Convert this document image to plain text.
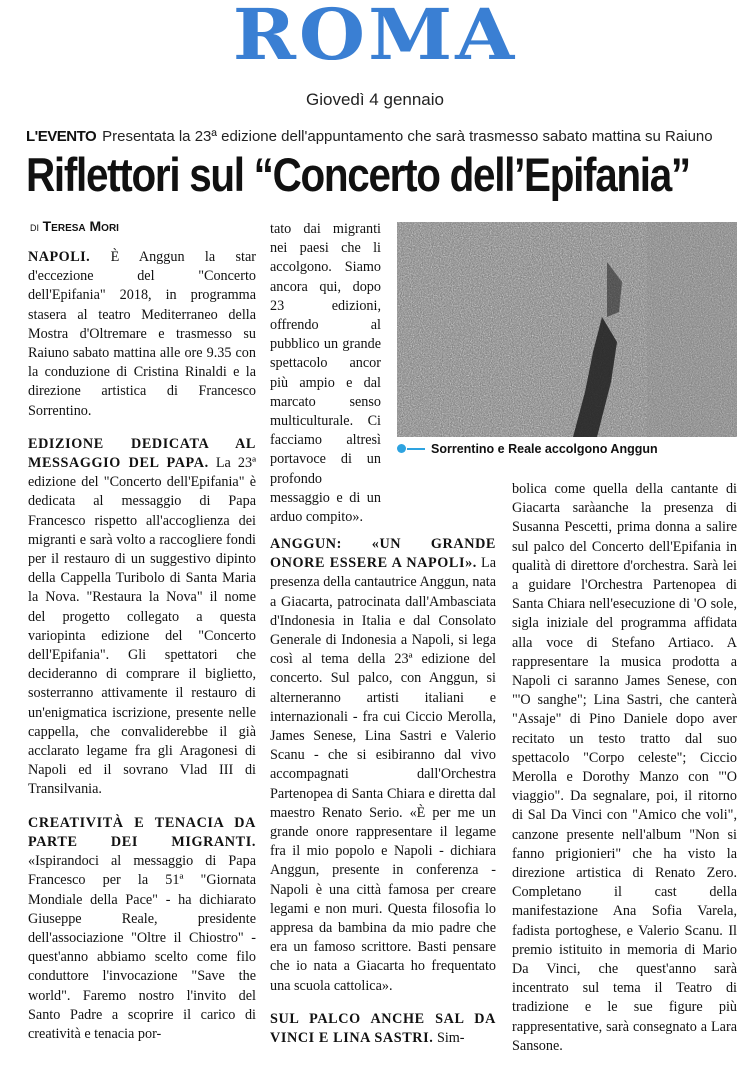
ROMA
Giovedì 4 gennaio
L'EVENTO Presentata la 23ª edizione dell'appuntamento che sarà trasmesso sabato mattina su Raiuno
Riflettori sul “Concerto dell’Epifania”
di Teresa Mori

NAPOLI. È Anggun la star d'eccezione del "Concerto dell'Epifania" 2018, in programma stasera al teatro Mediterraneo della Mostra d'Oltremare e trasmesso su Raiuno sabato mattina alle ore 9.35 con la conduzione di Cristina Rinaldi e la direzione artistica di Francesco Sorrentino.

EDIZIONE DEDICATA AL MESSAGGIO DEL PAPA. La 23ª edizione del "Concerto dell'Epifania" è dedicata al messaggio di Papa Francesco rispetto all'accoglienza dei migranti e sarà volto a raccogliere fondi per il restauro di un suggestivo dipinto della Cappella Turibolo di Santa Maria la Nova. "Restaura la Nova" il nome del progetto collegato a questa variopinta edizione del "Concerto dell'Epifania". Gli spettatori che decideranno di comprare il biglietto, sosterranno attivamente il restauro di un'enigmatica iscrizione, presente nelle cappella, che convaliderebbe il già acclarato legame fra gli Aragonesi di Napoli ed il sovrano Vlad III di Transilvania.

CREATIVITÀ E TENACIA DA PARTE DEI MIGRANTI. «Ispirandoci al messaggio di Papa Francesco per la 51ª "Giornata Mondiale della Pace" - ha dichiarato Giuseppe Reale, presidente dell'associazione "Oltre il Chiostro" - quest'anno abbiamo scelto come filo conduttore l'invocazione "Save the world". Faremo nostro l'invito del Santo Padre a scoprire il carico di creatività e tenacia por-

tato dai migranti nei paesi che li accolgono. Siamo ancora qui, dopo 23 edizioni, offrendo al pubblico un grande spettacolo ancor più ampio e dal marcato senso multiculturale. Ci facciamo altresì portavoce di un profondo messaggio e di un arduo compito».

Sorrentino e Reale accolgono Anggun

ANGGUN: «UN GRANDE ONORE ESSERE A NAPOLI». La presenza della cantautrice Anggun, nata a Giacarta, patrocinata dall'Ambasciata d'Indonesia in Italia e dal Consolato Generale di Indonesia a Napoli, si lega così al tema della 23ª edizione del concerto. Sul palco, con Anggun, si alterneranno artisti italiani e internazionali - fra cui Ciccio Merolla, James Senese, Lina Sastri e Valerio Scanu - che si esibiranno dal vivo accompagnati dall'Orchestra Partenopea di Santa Chiara e diretta dal maestro Renato Serio. «È per me un grande onore rappresentare il legame fra il mio popolo e Napoli - dichiara Anggun, presente in conferenza - Napoli è una città famosa per creare legami e non muri. Questa filosofia lo appresa da bambina da mio padre che era un famoso scrittore. Basti pensare che io nata a Giacarta ho frequentato una scuola cattolica».

SUL PALCO ANCHE SAL DA VINCI E LINA SASTRI. Sim-

bolica come quella della cantante di Giacarta saràanche la presenza di Susanna Pescetti, prima donna a salire sul palco del Concerto dell'Epifania in qualità di direttore d'orchestra. Sarà lei a guidare l'Orchestra Partenopea di Santa Chiara nell'esecuzione di 'O sole, sigla iniziale del programma affidata alla voce di Stefano Artiaco. A rappresentare la musica prodotta a Napoli ci saranno James Senese, con "'O sanghe"; Lina Sastri, che canterà "Assaje" di Pino Daniele dopo aver recitato un testo tratto dal suo spettacolo "Corpo celeste"; Ciccio Merolla e Dorothy Manzo con "'O viaggio". Da segnalare, poi, il ritorno di Sal Da Vinci con "Amico che voli", canzone presente nell'album "Non si fanno prigionieri" che ha visto la direzione artistica di Renato Zero. Completano il cast della manifestazione Ana Sofia Varela, fadista portoghese, e Valerio Scanu. Il premio istituito in memoria di Mario Da Vinci, che quest'anno sarà incentrato sul tema il Teatro di tradizione e le sue figure più rappresentative, sarà consegnato a Lara Sansone.
